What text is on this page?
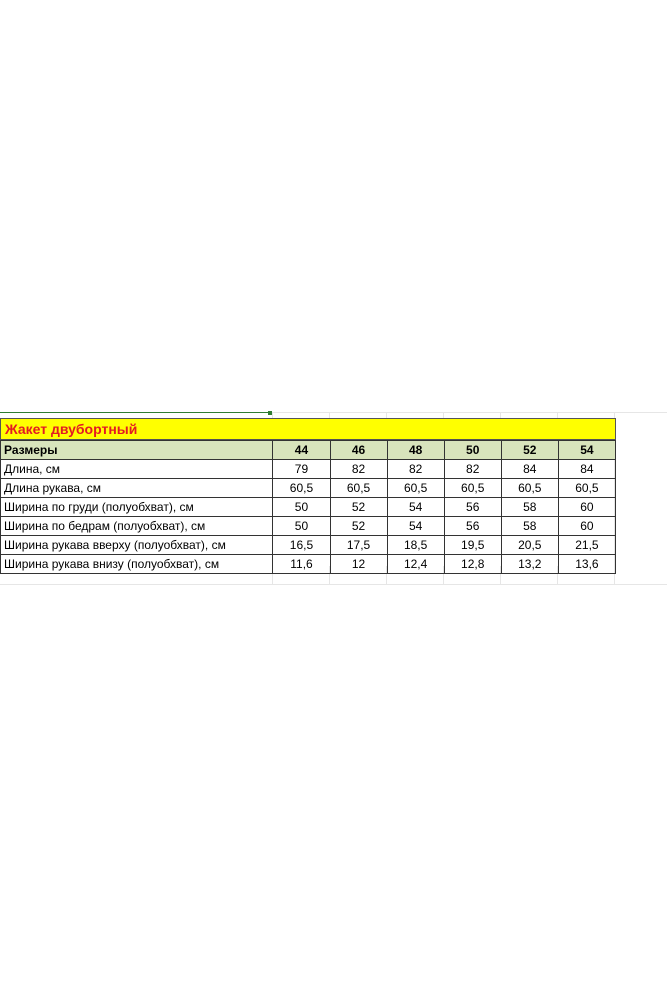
Жакет двубортный
Размеры	44	46	48	50	52	54
Длина, см	79	82	82	82	84	84
Длина рукава, см	60,5	60,5	60,5	60,5	60,5	60,5
Ширина по груди (полуобхват), см	50	52	54	56	58	60
Ширина по бедрам (полуобхват), см	50	52	54	56	58	60
Ширина рукава вверху (полуобхват), см	16,5	17,5	18,5	19,5	20,5	21,5
Ширина рукава внизу (полуобхват), см	11,6	12	12,4	12,8	13,2	13,6
